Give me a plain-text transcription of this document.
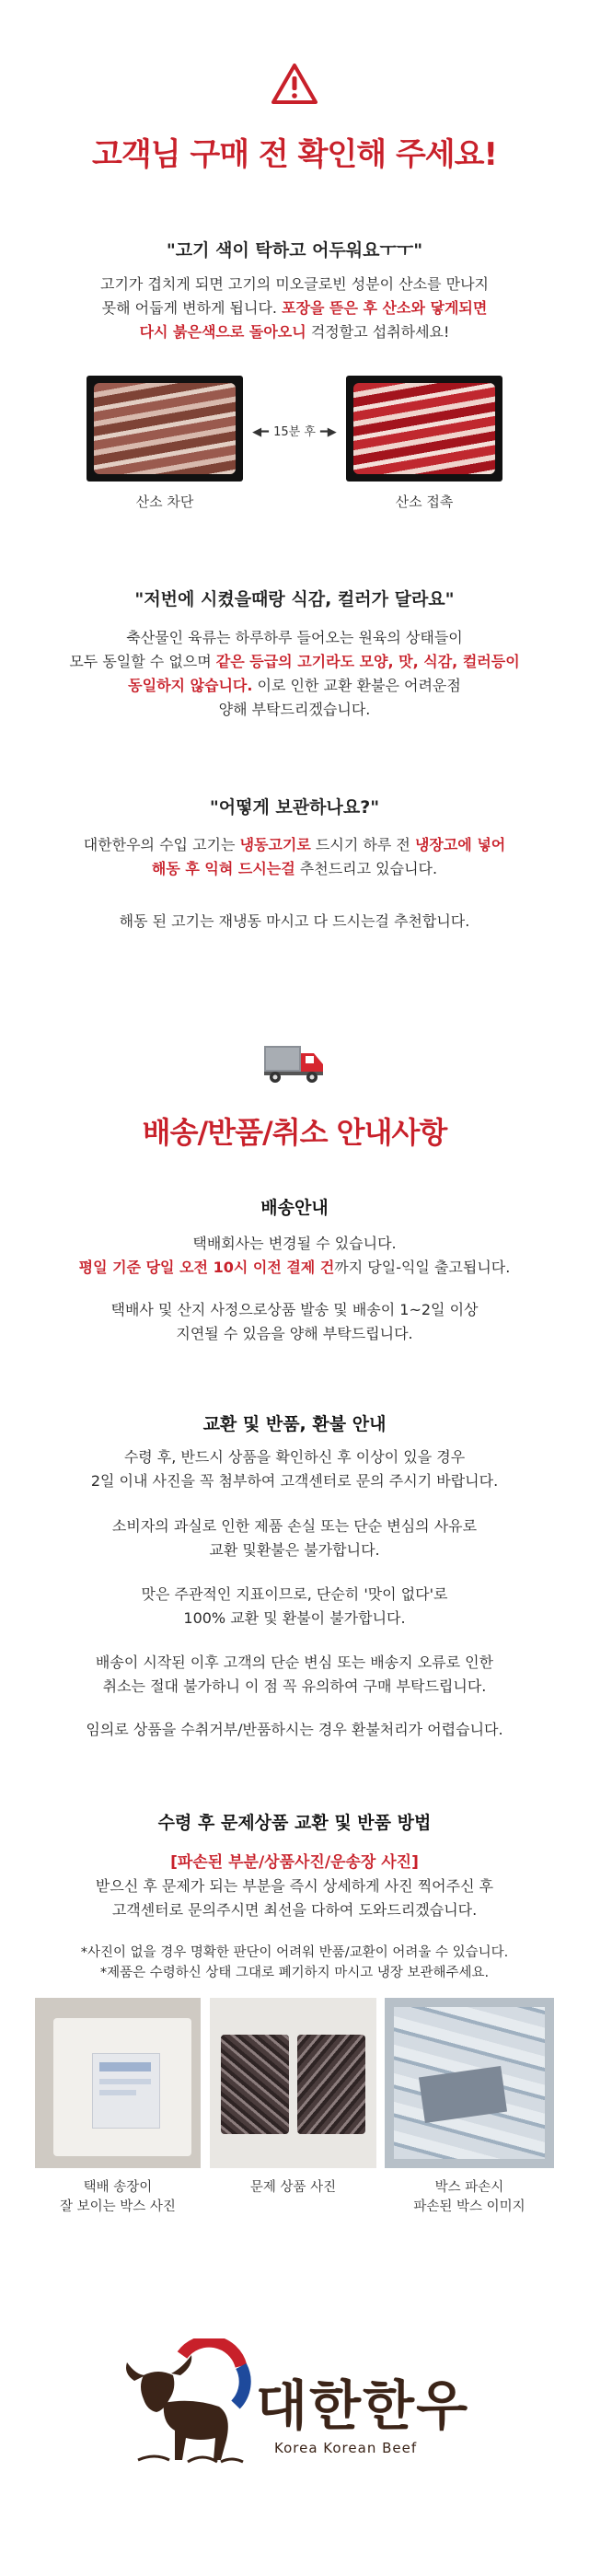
고객님 구매 전 확인해 주세요!
"고기 색이 탁하고 어두워요ㅜㅜ"

고기가 겹치게 되면 고기의 미오글로빈 성분이 산소를 만나지

못해 어둡게 변하게 됩니다. 포장을 뜯은 후 산소와 닿게되면

다시 붉은색으로 돌아오니 걱정할고 섭취하세요!

산소 차단
◀━ 15분 후 ━▶
산소 접촉
"저번에 시켰을때랑 식감, 컬러가 달라요"

축산물인 육류는 하루하루 들어오는 원육의 상태들이

모두 동일할 수 없으며 같은 등급의 고기라도 모양, 맛, 식감, 컬러등이

동일하지 않습니다. 이로 인한 교환 환불은 어려운점

양해 부탁드리겠습니다.

"어떻게 보관하나요?"

대한한우의 수입 고기는 냉동고기로 드시기 하루 전 냉장고에 넣어

해동 후 익혀 드시는걸 추천드리고 있습니다.

해동 된 고기는 재냉동 마시고 다 드시는걸 추천합니다.

배송/반품/취소 안내사항
배송안내

택배회사는 변경될 수 있습니다.

평일 기준 당일 오전 10시 이전 결제 건까지 당일-익일 출고됩니다.

택배사 및 산지 사정으로상품 발송 및 배송이 1~2일 이상

지연될 수 있음을 양해 부탁드립니다.

교환 및 반품, 환불 안내

수령 후, 반드시 상품을 확인하신 후 이상이 있을 경우

2일 이내 사진을 꼭 첨부하여 고객센터로 문의 주시기 바랍니다.

소비자의 과실로 인한 제품 손실 또는 단순 변심의 사유로

교환 및환불은 불가합니다.

맛은 주관적인 지표이므로, 단순히 '맛이 없다'로

100% 교환 및 환불이 불가합니다.

배송이 시작된 이후 고객의 단순 변심 또는 배송지 오류로 인한

취소는 절대 불가하니 이 점 꼭 유의하여 구매 부탁드립니다.

임의로 상품을 수취거부/반품하시는 경우 환불처리가 어렵습니다.

수령 후 문제상품 교환 및 반품 방법
[파손된 부분/상품사진/운송장 사진]

받으신 후 문제가 되는 부분을 즉시 상세하게 사진 찍어주신 후

고객센터로 문의주시면 최선을 다하여 도와드리겠습니다.

*사진이 없을 경우 명확한 판단이 어려워 반품/교환이 어려울 수 있습니다.
*제품은 수령하신 상태 그대로 폐기하지 마시고 냉장 보관해주세요.
택배 송장이
잘 보이는 박스 사진
문제 상품 사진	박스 파손시
파손된 박스 이미지
대한한우
Korea Korean Beef
